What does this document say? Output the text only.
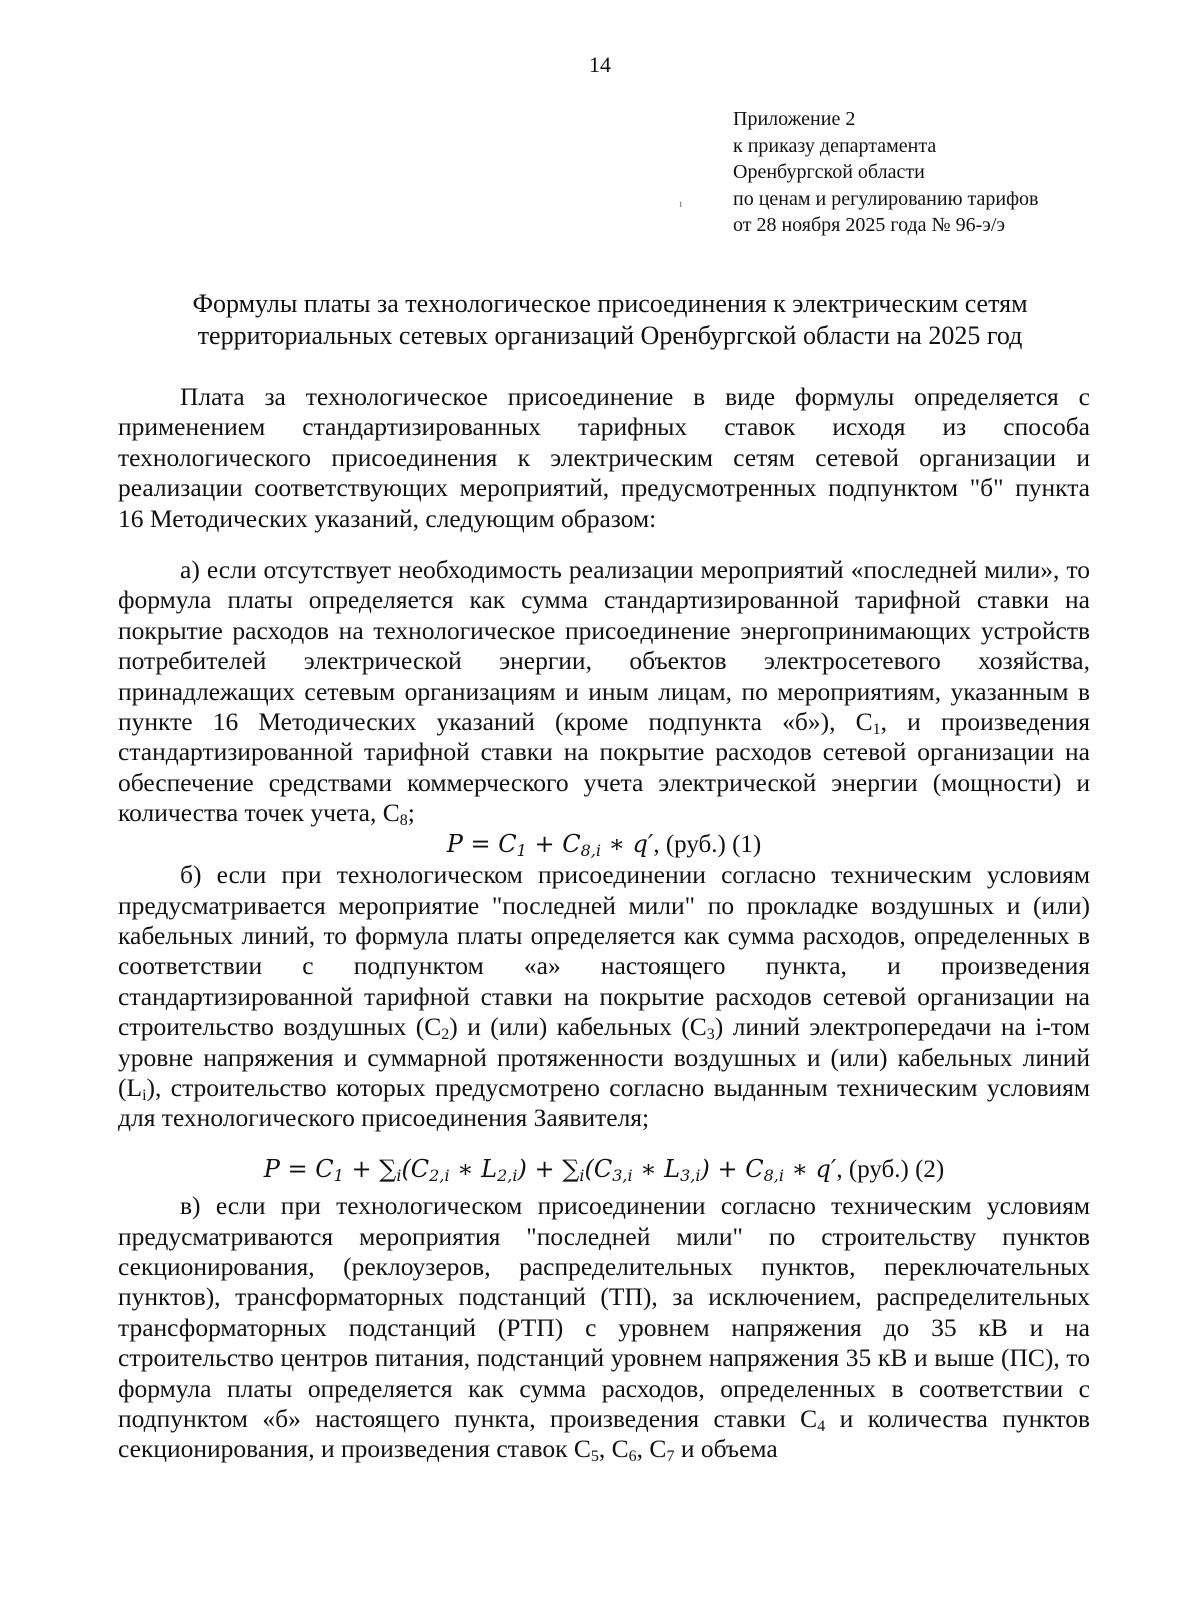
14
Приложение 2
к приказу департамента
Оренбургской области
по ценам и регулированию тарифов
от 28 ноября 2025 года № 96-э/э
ı
Формулы платы за технологическое присоединения к электрическим сетям
территориальных сетевых организаций Оренбургской области на 2025 год

Плата за технологическое присоединение в виде формулы определяется с применением стандартизированных тарифных ставок исходя из способа технологического присоединения к электрическим сетям сетевой организации и реализации соответствующих мероприятий, предусмотренных подпунктом "б" пункта 16 Методических указаний, следующим образом:

а) если отсутствует необходимость реализации мероприятий «последней мили», то формула платы определяется как сумма стандартизированной тарифной ставки на покрытие расходов на технологическое присоединение энергопринимающих устройств потребителей электрической энергии, объектов электросетевого хозяйства, принадлежащих сетевым организациям и иным лицам, по мероприятиям, указанным в пункте 16 Методических указаний (кроме подпункта «б»), $С_1$, и произведения стандартизированной тарифной ставки на покрытие расходов сетевой организации на обеспечение средствами коммерческого учета электрической энергии (мощности) и количества точек учета, $С_8$;

$P = C_1 + C_{8,i}$ ∗ q′, (руб.) (1)

б) если при технологическом присоединении согласно техническим условиям предусматривается мероприятие "последней мили" по прокладке воздушных и (или) кабельных линий, то формула платы определяется как сумма расходов, определенных в соответствии с подпунктом «а» настоящего пункта, и произведения стандартизированной тарифной ставки на покрытие расходов сетевой организации на строительство воздушных $(С_2)$ и (или) кабельных $(С_3)$ линий электропередачи на i-том уровне напряжения и суммарной протяженности воздушных и (или) кабельных линий $(L_i)$, строительство которых предусмотрено согласно выданным техническим условиям для технологического присоединения Заявителя;

$P = C_1 + \sum_i(C_{2,i}$ ∗ $L_{2,i}) + \sum_i(C_{3,i}$ ∗ $L_{3,i}) + C_{8,i}$ ∗ q′, (руб.) (2)

в) если при технологическом присоединении согласно техническим условиям предусматриваются мероприятия "последней мили" по строительству пунктов секционирования, (реклоузеров, распределительных пунктов, переключательных пунктов), трансформаторных подстанций (ТП), за исключением, распределительных трансформаторных подстанций (РТП) с уровнем напряжения до 35 кВ и на строительство центров питания, подстанций уровнем напряжения 35 кВ и выше (ПС), то формула платы определяется как сумма расходов, определенных в соответствии с подпунктом «б» настоящего пункта, произведения ставки $С_4$ и количества пунктов секционирования, и произведения ставок $С_5$, $С_6$, $С_7$ и объема
